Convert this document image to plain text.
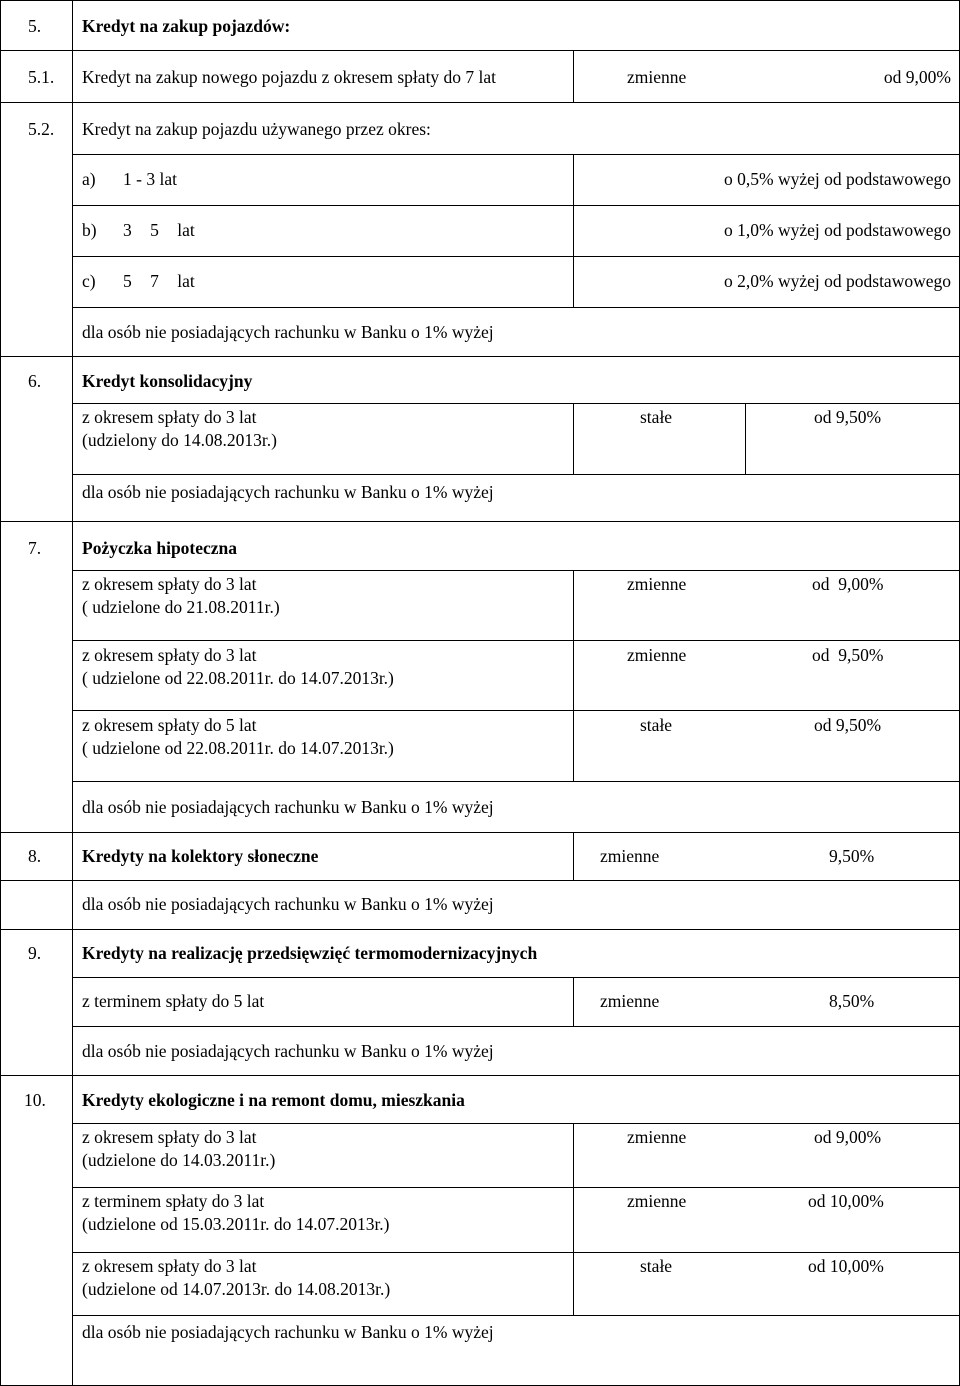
5. Kredyt na zakup pojazdów:
5.1. Kredyt na zakup nowego pojazdu z okresem spłaty do 7 lat	zmienne	od 9,00%
5.2. Kredyt na zakup pojazdu używanego przez okres:
a) 1 - 3 lat	o 0,5% wyżej od podstawowego
b) 3 5 lat	o 1,0% wyżej od podstawowego
c) 5 7 lat	o 2,0% wyżej od podstawowego
dla osób nie posiadających rachunku w Banku o 1% wyżej
6. Kredyt konsolidacyjny
z okresem spłaty do 3 lat
(udzielony do 14.08.2013r.)
stałe	od 9,50%
dla osób nie posiadających rachunku w Banku o 1% wyżej
7. Pożyczka hipoteczna
z okresem spłaty do 3 lat
( udzielone do 21.08.2011r.)
zmienne	od  9,00%
z okresem spłaty do 3 lat
( udzielone od 22.08.2011r. do 14.07.2013r.)
zmienne	od  9,50%
z okresem spłaty do 5 lat
( udzielone od 22.08.2011r. do 14.07.2013r.)
stałe	od 9,50%
dla osób nie posiadających rachunku w Banku o 1% wyżej
8. Kredyty na kolektory słoneczne	zmienne	9,50%
dla osób nie posiadających rachunku w Banku o 1% wyżej
9. Kredyty na realizację przedsięwzięć termomodernizacyjnych
z terminem spłaty do 5 lat	zmienne	8,50%
dla osób nie posiadających rachunku w Banku o 1% wyżej
10. Kredyty ekologiczne i na remont domu, mieszkania
z okresem spłaty do 3 lat
(udzielone do 14.03.2011r.)
zmienne	od 9,00%
z terminem spłaty do 3 lat
(udzielone od 15.03.2011r. do 14.07.2013r.)
zmienne	od 10,00%
z okresem spłaty do 3 lat
(udzielone od 14.07.2013r. do 14.08.2013r.)
stałe	od 10,00%
dla osób nie posiadających rachunku w Banku o 1% wyżej
